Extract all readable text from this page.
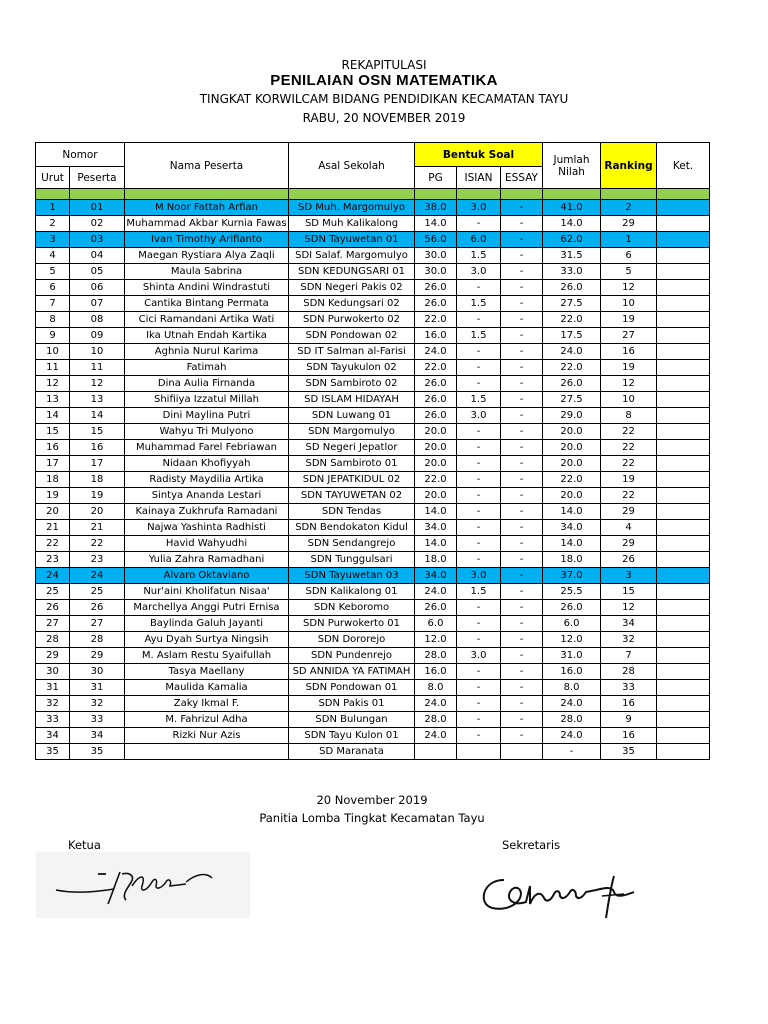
REKAPITULASI
PENILAIAN OSN MATEMATIKA
TINGKAT KORWILCAM BIDANG PENDIDIKAN KECAMATAN TAYU
RABU, 20 NOVEMBER 2019
Nomor		Nama Peserta	Asal Sekolah	Bentuk Soal			Jumlah
Nilah	Ranking	Ket.
Urut	Peserta			PG	ISIAN	ESSAY			

1	01	M Noor Fattah Arfian	SD Muh. Margomulyo	38.0	3.0	-	41.0	2	
2	02	Muhammad Akbar Kurnia Fawas	SD Muh Kalikalong	14.0	-	-	14.0	29	
3	03	Ivan Timothy Arifianto	SDN Tayuwetan 01	56.0	6.0	-	62.0	1	
4	04	Maegan Rystiara Alya Zaqli	SDI Salaf. Margomulyo	30.0	1.5	-	31.5	6	
5	05	Maula Sabrina	SDN KEDUNGSARI 01	30.0	3.0	-	33.0	5	
6	06	Shinta Andini Windrastuti	SDN Negeri Pakis 02	26.0	-	-	26.0	12	
7	07	Cantika Bintang Permata	SDN Kedungsari 02	26.0	1.5	-	27.5	10	
8	08	Cici Ramandani Artika Wati	SDN Purwokerto 02	22.0	-	-	22.0	19	
9	09	Ika Utnah Endah Kartika	SDN Pondowan 02	16.0	1.5	-	17.5	27	
10	10	Aghnia Nurul Karima	SD IT Salman al-Farisi	24.0	-	-	24.0	16	
11	11	Fatimah	SDN Tayukulon 02	22.0	-	-	22.0	19	
12	12	Dina Aulia Firnanda	SDN Sambiroto 02	26.0	-	-	26.0	12	
13	13	Shifiiya Izzatul Millah	SD ISLAM HIDAYAH	26.0	1.5	-	27.5	10	
14	14	Dini Maylina Putri	SDN Luwang 01	26.0	3.0	-	29.0	8	
15	15	Wahyu Tri Mulyono	SDN Margomulyo	20.0	-	-	20.0	22	
16	16	Muhammad Farel Febriawan	SD Negeri Jepatlor	20.0	-	-	20.0	22	
17	17	Nidaan Khofiyyah	SDN Sambiroto 01	20.0	-	-	20.0	22	
18	18	Radisty Maydilia Artika	SDN JEPATKIDUL 02	22.0	-	-	22.0	19	
19	19	Sintya Ananda Lestari	SDN TAYUWETAN 02	20.0	-	-	20.0	22	
20	20	Kainaya Zukhrufa Ramadani	SDN Tendas	14.0	-	-	14.0	29	
21	21	Najwa Yashinta Radhisti	SDN Bendokaton Kidul	34.0	-	-	34.0	4	
22	22	Havid Wahyudhi	SDN Sendangrejo	14.0	-	-	14.0	29	
23	23	Yulia Zahra Ramadhani	SDN Tunggulsari	18.0	-	-	18.0	26	
24	24	Alvaro Oktaviano	SDN Tayuwetan 03	34.0	3.0	-	37.0	3	
25	25	Nur'aini Kholifatun Nisaa'	SDN Kalikalong 01	24.0	1.5	-	25.5	15	
26	26	Marchellya Anggi Putri Ernisa	SDN Keboromo	26.0	-	-	26.0	12	
27	27	Baylinda Galuh Jayanti	SDN Purwokerto 01	6.0	-	-	6.0	34	
28	28	Ayu Dyah Surtya Ningsih	SDN Dororejo	12.0	-	-	12.0	32	
29	29	M. Aslam Restu Syaifullah	SDN Pundenrejo	28.0	3.0	-	31.0	7	
30	30	Tasya Maellany	SD ANNIDA YA FATIMAH	16.0	-	-	16.0	28	
31	31	Maulida Kamalia	SDN Pondowan 01	8.0	-	-	8.0	33	
32	32	Zaky Ikmal F.	SDN Pakis 01	24.0	-	-	24.0	16	
33	33	M. Fahrizul Adha	SDN Bulungan	28.0	-	-	28.0	9	
34	34	Rizki Nur Azis	SDN Tayu Kulon 01	24.0	-	-	24.0	16	
35	35		SD Maranata				-	35	
20 November 2019
Panitia Lomba Tingkat Kecamatan Tayu
Ketua	Sekretaris
